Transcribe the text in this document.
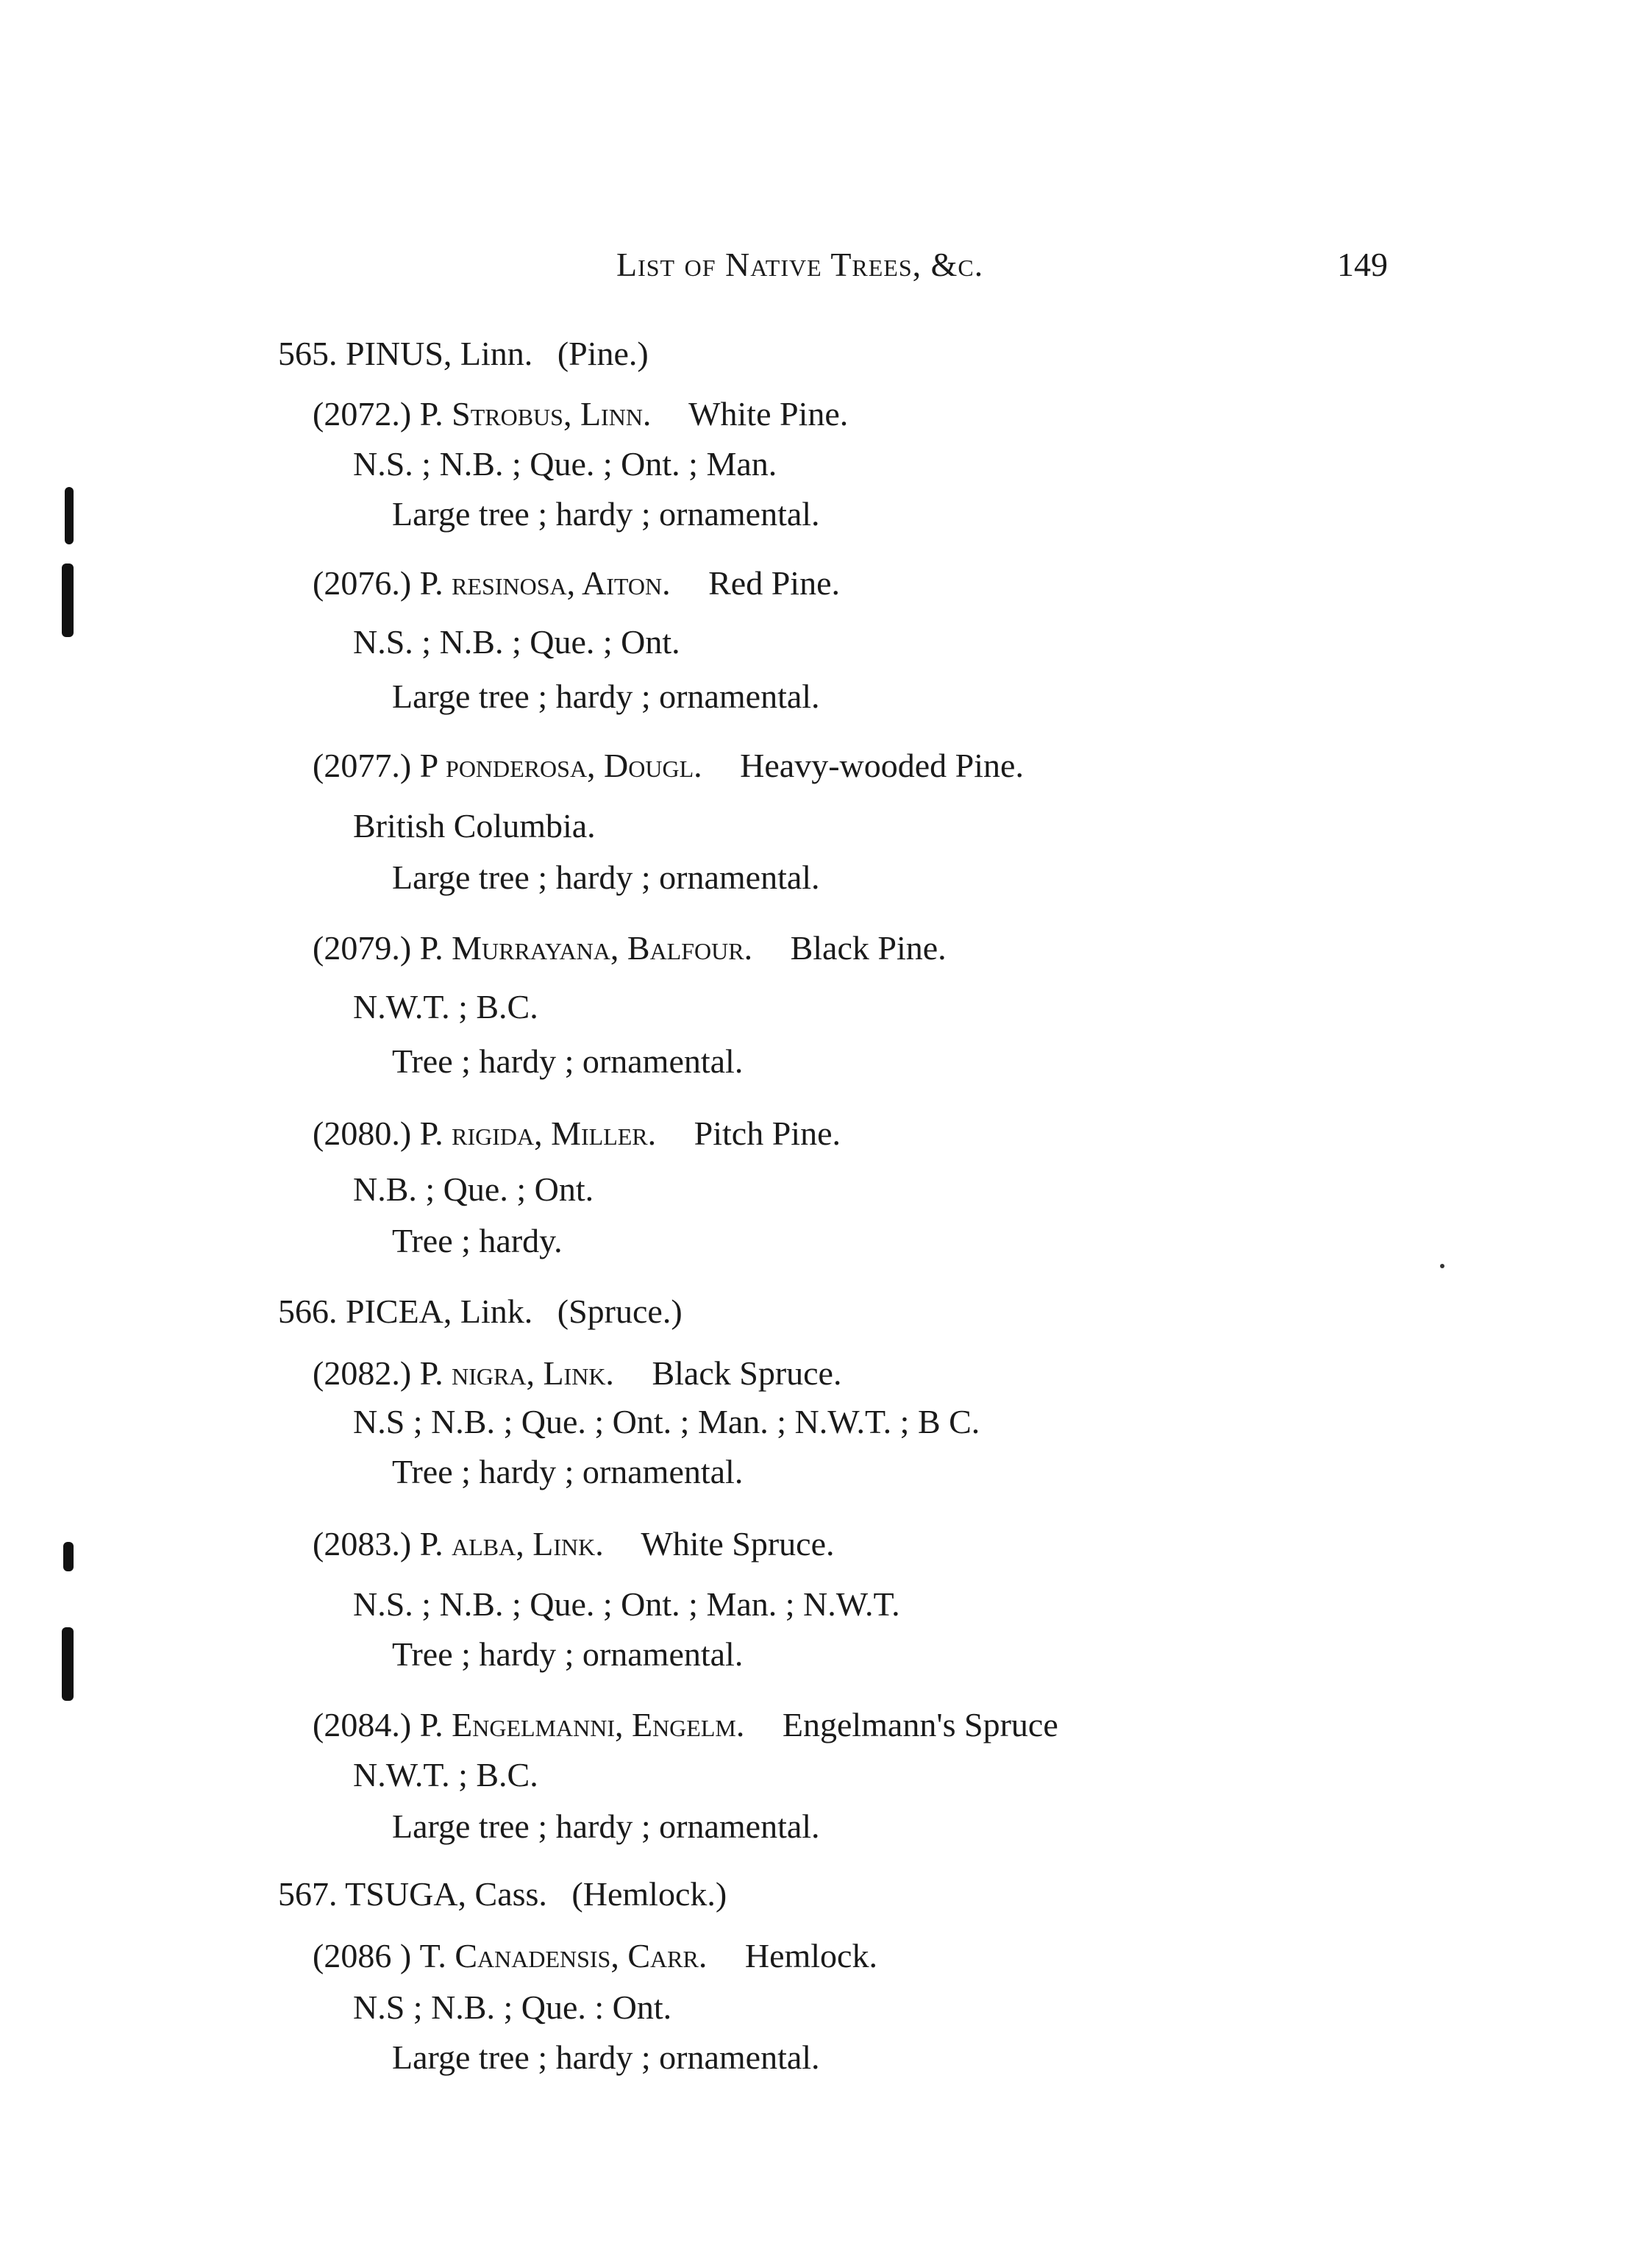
List of Native Trees, &c.	149
565. PINUS, Linn. (Pine.)
(2072.) P. Strobus, Linn. White Pine.
N.S. ; N.B. ; Que. ; Ont. ; Man.
Large tree ; hardy ; ornamental.
(2076.) P. resinosa, Aiton. Red Pine.
N.S. ; N.B. ; Que. ; Ont.
Large tree ; hardy ; ornamental.
(2077.) P ponderosa, Dougl. Heavy-wooded Pine.
British Columbia.
Large tree ; hardy ; ornamental.
(2079.) P. Murrayana, Balfour. Black Pine.
N.W.T. ; B.C.
Tree ; hardy ; ornamental.
(2080.) P. rigida, Miller. Pitch Pine.
N.B. ; Que. ; Ont.
Tree ; hardy.
566. PICEA, Link. (Spruce.)
(2082.) P. nigra, Link. Black Spruce.
N.S ; N.B. ; Que. ; Ont. ; Man. ; N.W.T. ; B C.
Tree ; hardy ; ornamental.
(2083.) P. alba, Link. White Spruce.
N.S. ; N.B. ; Que. ; Ont. ; Man. ; N.W.T.
Tree ; hardy ; ornamental.
(2084.) P. Engelmanni, Engelm. Engelmann's Spruce
N.W.T. ; B.C.
Large tree ; hardy ; ornamental.
567. TSUGA, Cass. (Hemlock.)
(2086 ) T. Canadensis, Carr. Hemlock.
N.S ; N.B. ; Que. : Ont.
Large tree ; hardy ; ornamental.
